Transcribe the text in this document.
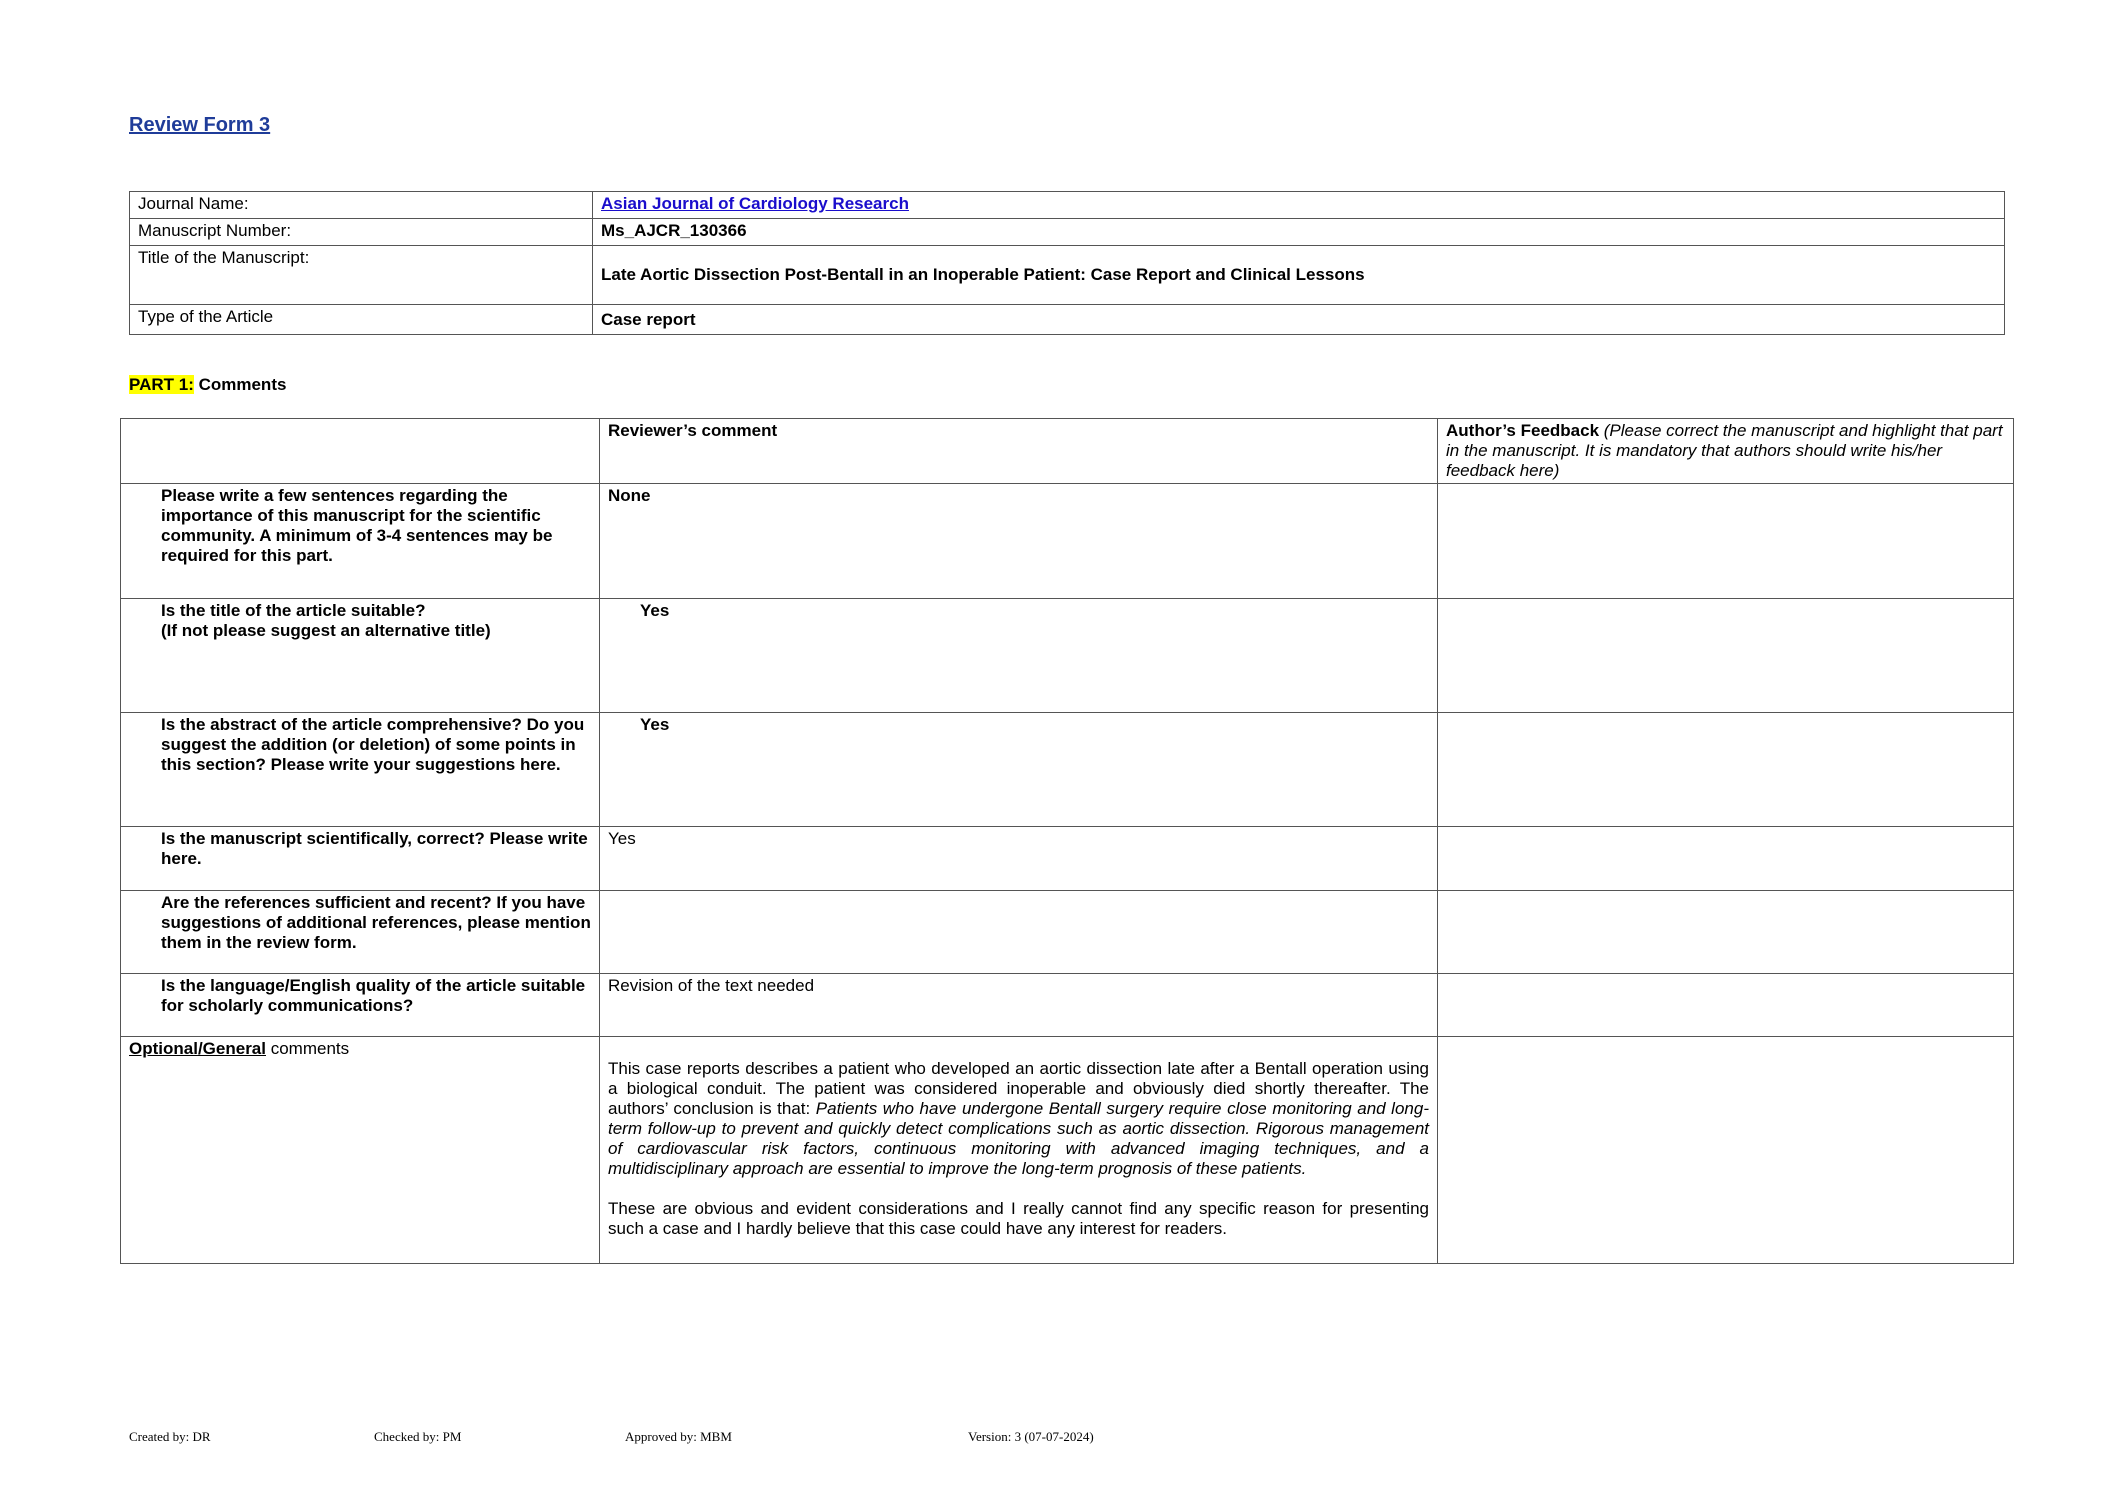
Review Form 3
Journal Name:	Asian Journal of Cardiology Research
Manuscript Number:	Ms_AJCR_130366
Title of the Manuscript:	Late Aortic Dissection Post-Bentall in an Inoperable Patient: Case Report and Clinical Lessons
Type of the Article	Case report
PART 1: Comments
	Reviewer’s comment	Author’s Feedback (Please correct the manuscript and highlight that part in the manuscript. It is mandatory that authors should write his/her feedback here)
Please write a few sentences regarding the importance of this manuscript for the scientific community. A minimum of 3-4 sentences may be required for this part.	None	

Is the title of the article suitable?
(If not please suggest an alternative title)	Yes	
Is the abstract of the article comprehensive? Do you suggest the addition (or deletion) of some points in this section? Please write your suggestions here.	Yes	
Is the manuscript scientifically, correct? Please write here.	Yes	
Are the references sufficient and recent? If you have suggestions of additional references, please mention them in the review form.		
Is the language/English quality of the article suitable for scholarly communications?	Revision of the text needed	
Optional/General comments	This case reports describes a patient who developed an aortic dissection late after a Bentall operation using a biological conduit. The patient was considered inoperable and obviously died shortly thereafter. The authors’ conclusion is that: Patients who have undergone Bentall surgery require close monitoring and long-term follow-up to prevent and quickly detect complications such as aortic dissection. Rigorous management of cardiovascular risk factors, continuous monitoring with advanced imaging techniques, and a multidisciplinary approach are essential to improve the long-term prognosis of these patients.
These are obvious and evident considerations and I really cannot find any specific reason for presenting such a case and I hardly believe that this case could have any interest for readers.	

Created by: DR	Checked by: PM	Approved by: MBM	Version: 3 (07-07-2024)
